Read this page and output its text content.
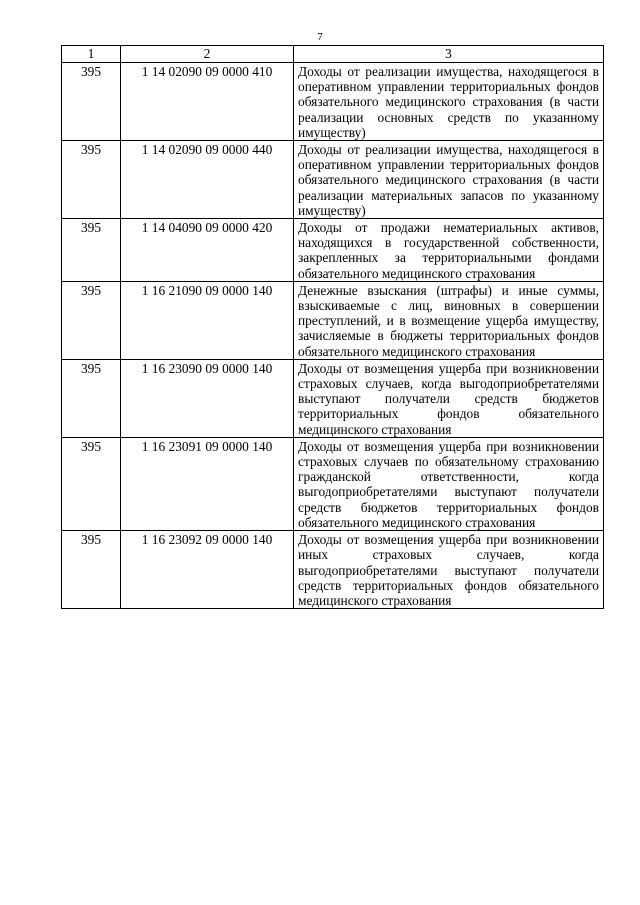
7
1	2	3
395	1 14 02090 09 0000 410	Доходы от реализации имущества, находящегося в оперативном управлении территориальных фондов обязательного медицинского страхования (в части реализации основных средств по указанному имуществу)
395	1 14 02090 09 0000 440	Доходы от реализации имущества, находящегося в оперативном управлении территориальных фондов обязательного медицинского страхования (в части реализации материальных запасов по указанному имуществу)
395	1 14 04090 09 0000 420	Доходы от продажи нематериальных активов, находящихся в государственной собственности, закрепленных за территориальными фондами обязательного медицинского страхования
395	1 16 21090 09 0000 140	Денежные взыскания (штрафы) и иные суммы, взыскиваемые с лиц, виновных в совершении преступлений, и в возмещение ущерба имуществу, зачисляемые в бюджеты территориальных фондов обязательного медицинского страхования
395	1 16 23090 09 0000 140	Доходы от возмещения ущерба при возникновении страховых случаев, когда выгодоприобретателями выступают получатели средств бюджетов территориальных фондов обязательного медицинского страхования
395	1 16 23091 09 0000 140	Доходы от возмещения ущерба при возникновении страховых случаев по обязательному страхованию гражданской ответственности, когда выгодоприобретателями выступают получатели средств бюджетов территориальных фондов обязательного медицинского страхования
395	1 16 23092 09 0000 140	Доходы от возмещения ущерба при возникновении иных страховых случаев, когда выгодоприобретателями выступают получатели средств территориальных фондов обязательного медицинского страхования
